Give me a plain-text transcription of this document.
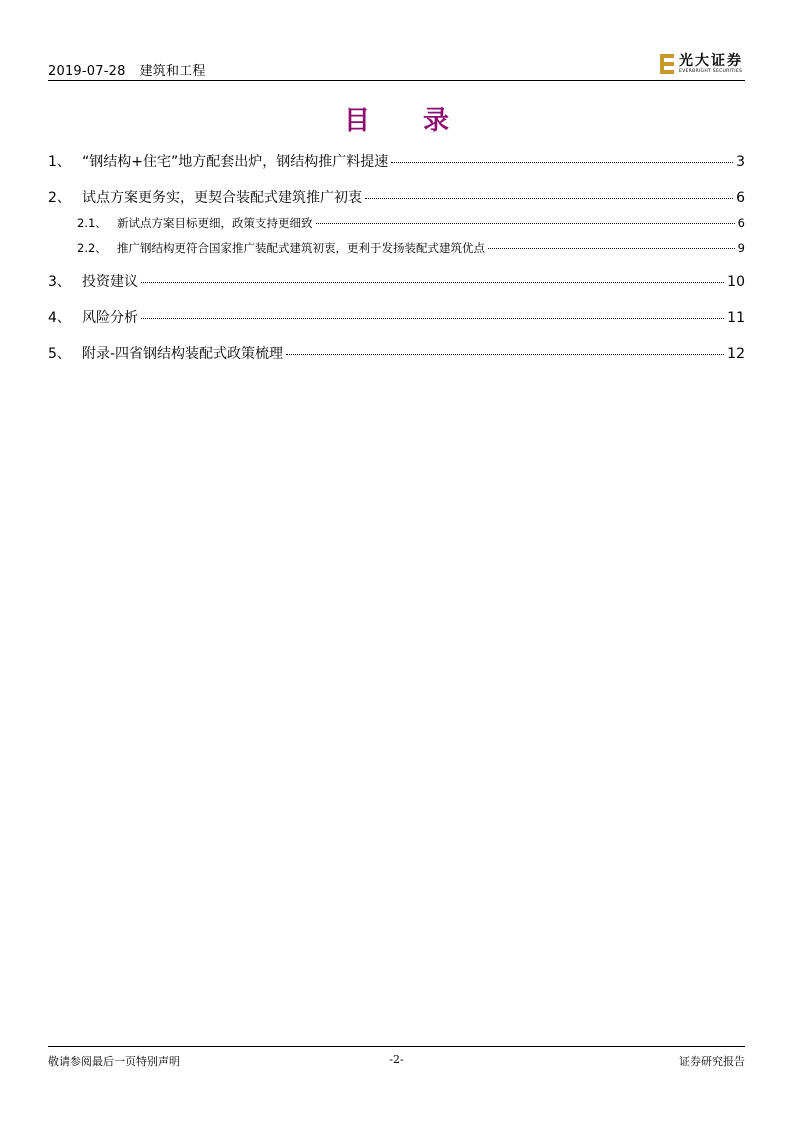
2019-07-28 建筑和工程
光大证券
EVERBRIGHT SECURITIES
目 录
1、 “钢结构+住宅”地方配套出炉，钢结构推广料提速	3
2、 试点方案更务实，更契合装配式建筑推广初衷	6
2.1、 新试点方案目标更细，政策支持更细致	6
2.2、 推广钢结构更符合国家推广装配式建筑初衷，更利于发扬装配式建筑优点	9
3、 投资建议	10
4、 风险分析	11
5、 附录-四省钢结构装配式政策梳理	12
敬请参阅最后一页特别声明	-2-	证券研究报告
